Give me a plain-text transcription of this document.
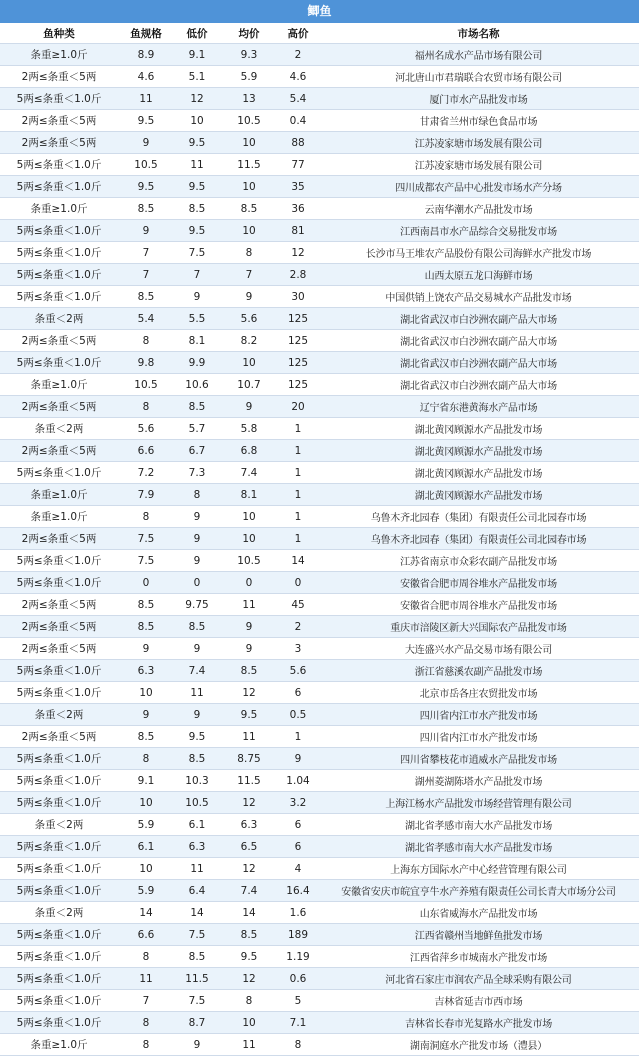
鲫鱼
鱼种类	鱼规格	低价	均价	高价	市场名称
条重≥1.0斤	8.9	9.1	9.3	2	福州名成水产品市场有限公司
2两≤条重＜5两	4.6	5.1	5.9	4.6	河北唐山市君瑞联合农贸市场有限公司
5两≤条重＜1.0斤	11	12	13	5.4	厦门市水产品批发市场
2两≤条重＜5两	9.5	10	10.5	0.4	甘肃省兰州市绿色食品市场
2两≤条重＜5两	9	9.5	10	88	江苏凌家塘市场发展有限公司
5两≤条重＜1.0斤	10.5	11	11.5	77	江苏凌家塘市场发展有限公司
5两≤条重＜1.0斤	9.5	9.5	10	35	四川成都农产品中心批发市场水产分场
条重≥1.0斤	8.5	8.5	8.5	36	云南华潮水产品批发市场
5两≤条重＜1.0斤	9	9.5	10	81	江西南昌市水产品综合交易批发市场
5两≤条重＜1.0斤	7	7.5	8	12	长沙市马王堆农产品股份有限公司海鲜水产批发市场
5两≤条重＜1.0斤	7	7	7	2.8	山西太原五龙口海鲜市场
5两≤条重＜1.0斤	8.5	9	9	30	中国供销上饶农产品交易城水产品批发市场
条重＜2两	5.4	5.5	5.6	125	湖北省武汉市白沙洲农副产品大市场
2两≤条重＜5两	8	8.1	8.2	125	湖北省武汉市白沙洲农副产品大市场
5两≤条重＜1.0斤	9.8	9.9	10	125	湖北省武汉市白沙洲农副产品大市场
条重≥1.0斤	10.5	10.6	10.7	125	湖北省武汉市白沙洲农副产品大市场
2两≤条重＜5两	8	8.5	9	20	辽宁省东港黄海水产品市场
条重＜2两	5.6	5.7	5.8	1	湖北黄冈顾源水产品批发市场
2两≤条重＜5两	6.6	6.7	6.8	1	湖北黄冈顾源水产品批发市场
5两≤条重＜1.0斤	7.2	7.3	7.4	1	湖北黄冈顾源水产品批发市场
条重≥1.0斤	7.9	8	8.1	1	湖北黄冈顾源水产品批发市场
条重≥1.0斤	8	9	10	1	乌鲁木齐北园春（集团）有限责任公司北园春市场
2两≤条重＜5两	7.5	9	10	1	乌鲁木齐北园春（集团）有限责任公司北园春市场
5两≤条重＜1.0斤	7.5	9	10.5	14	江苏省南京市众彩农副产品批发市场
5两≤条重＜1.0斤	0	0	0	0	安徽省合肥市周谷堆水产品批发市场
2两≤条重＜5两	8.5	9.75	11	45	安徽省合肥市周谷堆水产品批发市场
2两≤条重＜5两	8.5	8.5	9	2	重庆市涪陵区新大兴国际农产品批发市场
2两≤条重＜5两	9	9	9	3	大连盛兴水产品交易市场有限公司
5两≤条重＜1.0斤	6.3	7.4	8.5	5.6	浙江省慈溪农副产品批发市场
5两≤条重＜1.0斤	10	11	12	6	北京市岳各庄农贸批发市场
条重＜2两	9	9	9.5	0.5	四川省内江市水产批发市场
2两≤条重＜5两	8.5	9.5	11	1	四川省内江市水产批发市场
5两≤条重＜1.0斤	8	8.5	8.75	9	四川省攀枝花市逍威水产品批发市场
5两≤条重＜1.0斤	9.1	10.3	11.5	1.04	湖州菱湖陈塔水产品批发市场
5两≤条重＜1.0斤	10	10.5	12	3.2	上海江杨水产品批发市场经营管理有限公司
条重＜2两	5.9	6.1	6.3	6	湖北省孝感市南大水产品批发市场
5两≤条重＜1.0斤	6.1	6.3	6.5	6	湖北省孝感市南大水产品批发市场
5两≤条重＜1.0斤	10	11	12	4	上海东方国际水产中心经营管理有限公司
5两≤条重＜1.0斤	5.9	6.4	7.4	16.4	安徽省安庆市皖宜亨牛水产养殖有限责任公司长青大市场分公司
条重＜2两	14	14	14	1.6	山东省威海水产品批发市场
5两≤条重＜1.0斤	6.6	7.5	8.5	189	江西省赣州当地鲜鱼批发市场
5两≤条重＜1.0斤	8	8.5	9.5	1.19	江西省萍乡市城南水产批发市场
5两≤条重＜1.0斤	11	11.5	12	0.6	河北省石家庄市润农产品全球采购有限公司
5两≤条重＜1.0斤	7	7.5	8	5	吉林省延吉市西市场
5两≤条重＜1.0斤	8	8.7	10	7.1	吉林省长春市光复路水产批发市场
条重≥1.0斤	8	9	11	8	湖南洞庭水产批发市场（澧县）
